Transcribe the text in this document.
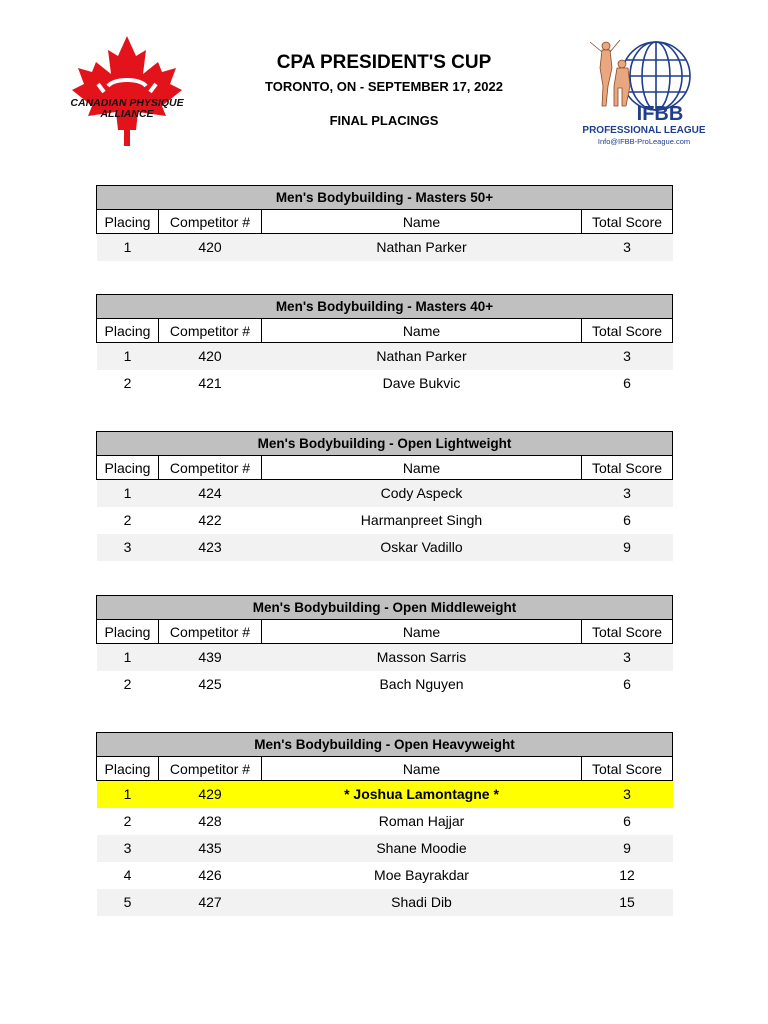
CANADIAN PHYSIQUE
ALLIANCE
CPA PRESIDENT'S CUP
TORONTO, ON - SEPTEMBER 17, 2022
FINAL PLACINGS	IFBB
PROFESSIONAL LEAGUE
Info@IFBB-ProLeague.com
Men's Bodybuilding - Masters 50+			
Placing	Competitor #	Name	Total Score
1	420	Nathan Parker	3
Men's Bodybuilding - Masters 40+			
Placing	Competitor #	Name	Total Score
1	420	Nathan Parker	3
2	421	Dave Bukvic	6
Men's Bodybuilding - Open Lightweight			
Placing	Competitor #	Name	Total Score
1	424	Cody Aspeck	3
2	422	Harmanpreet Singh	6
3	423	Oskar Vadillo	9
Men's Bodybuilding - Open Middleweight			
Placing	Competitor #	Name	Total Score
1	439	Masson Sarris	3
2	425	Bach Nguyen	6
Men's Bodybuilding - Open Heavyweight			
Placing	Competitor #	Name	Total Score
1	429	* Joshua Lamontagne *	3
2	428	Roman Hajjar	6
3	435	Shane Moodie	9
4	426	Moe Bayrakdar	12
5	427	Shadi Dib	15
